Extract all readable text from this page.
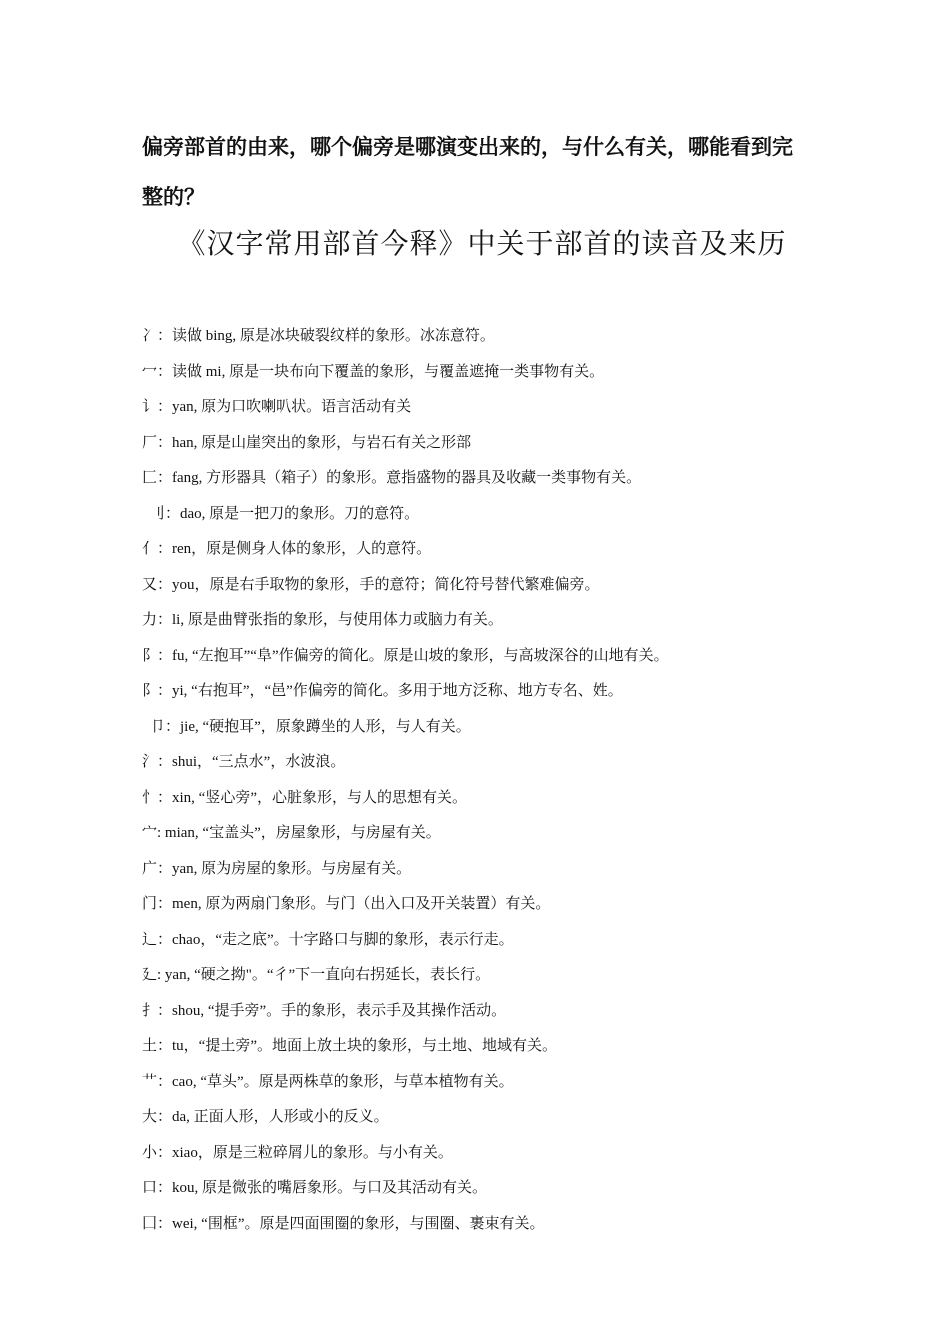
偏旁部首的由来，哪个偏旁是哪演变出来的，与什么有关，哪能看到完整的？
《汉字常用部首今释》中关于部首的读音及来历
冫：读做 bing, 原是冰块破裂纹样的象形。冰冻意符。
冖：读做 mi, 原是一块布向下覆盖的象形，与覆盖遮掩一类事物有关。
讠：yan, 原为口吹喇叭状。语言活动有关
厂：han, 原是山崖突出的象形，与岩石有关之形部
匚：fang, 方形器具（箱子）的象形。意指盛物的器具及收藏一类事物有关。
刂：dao, 原是一把刀的象形。刀的意符。
亻：ren，原是侧身人体的象形，人的意符。
又：you，原是右手取物的象形，手的意符；简化符号替代繁难偏旁。
力：li, 原是曲臂张指的象形，与使用体力或脑力有关。
阝：fu, “左抱耳”“阜”作偏旁的简化。原是山坡的象形，与高坡深谷的山地有关。
阝：yi, “右抱耳”，“邑”作偏旁的简化。多用于地方泛称、地方专名、姓。
卩：jie, “硬抱耳”，原象蹲坐的人形，与人有关。
氵：shui，“三点水”，水波浪。
忄：xin, “竖心旁”，心脏象形，与人的思想有关。
宀: mian, “宝盖头”，房屋象形，与房屋有关。
广：yan, 原为房屋的象形。与房屋有关。
门：men, 原为两扇门象形。与门（出入口及开关装置）有关。
辶：chao，“走之底”。十字路口与脚的象形，表示行走。
廴: yan, “硬之拗"。“彳”下一直向右拐延长，表长行。
扌：shou, “提手旁”。手的象形，表示手及其操作活动。
土：tu，“提土旁”。地面上放土块的象形，与土地、地域有关。
艹：cao, “草头”。原是两株草的象形，与草本植物有关。
大：da, 正面人形，人形或小的反义。
小：xiao，原是三粒碎屑儿的象形。与小有关。
口：kou, 原是微张的嘴唇象形。与口及其活动有关。
囗：wei, “围框”。原是四面围圈的象形，与围圈、裹束有关。
